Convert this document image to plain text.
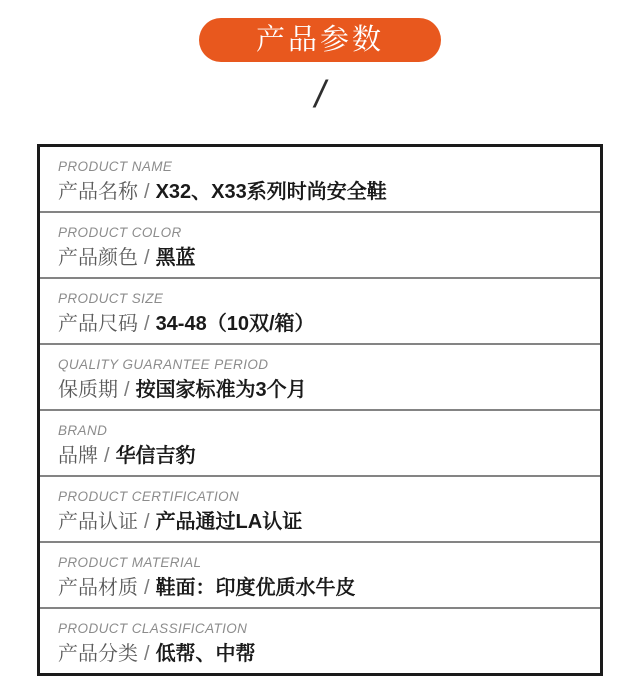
产品参数
/
PRODUCT NAME
产品名称 / X32、X33系列时尚安全鞋
PRODUCT COLOR
产品颜色 / 黑蓝
PRODUCT SIZE
产品尺码 / 34-48（10双/箱）
QUALITY GUARANTEE PERIOD
保质期 / 按国家标准为3个月
BRAND
品牌 / 华信吉豹
PRODUCT CERTIFICATION
产品认证 / 产品通过LA认证
PRODUCT MATERIAL
产品材质 / 鞋面：印度优质水牛皮
PRODUCT CLASSIFICATION
产品分类 / 低帮、中帮
